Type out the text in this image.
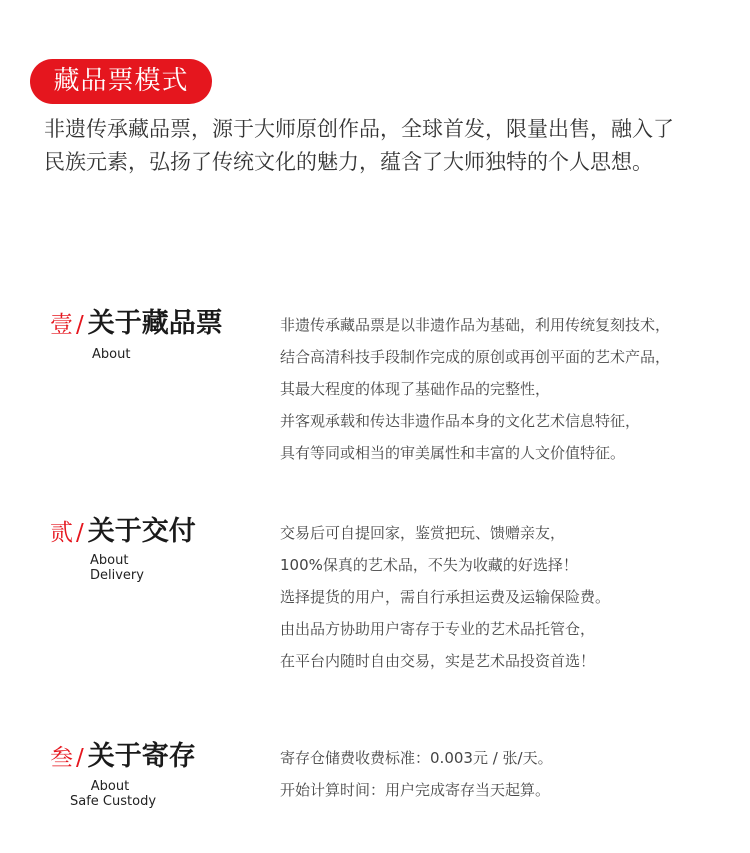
藏品票模式

非遗传承藏品票，源于大师原创作品，全球首发，限量出售，融入了

民族元素，弘扬了传统文化的魅力，蕴含了大师独特的个人思想。

壹 / 关于藏品票
About
非遗传承藏品票是以非遗作品为基础，利用传统复刻技术，
结合高清科技手段制作完成的原创或再创平面的艺术产品，
其最大程度的体现了基础作品的完整性，
并客观承载和传达非遗作品本身的文化艺术信息特征，
具有等同或相当的审美属性和丰富的人文价值特征。
贰 / 关于交付
About
Delivery
交易后可自提回家，鉴赏把玩、馈赠亲友，
100%保真的艺术品，不失为收藏的好选择！
选择提货的用户，需自行承担运费及运输保险费。
由出品方协助用户寄存于专业的艺术品托管仓，
在平台内随时自由交易，实是艺术品投资首选！
叁 / 关于寄存
About
Safe Custody
寄存仓储费收费标准：0.003元 / 张/天。
开始计算时间：用户完成寄存当天起算。
